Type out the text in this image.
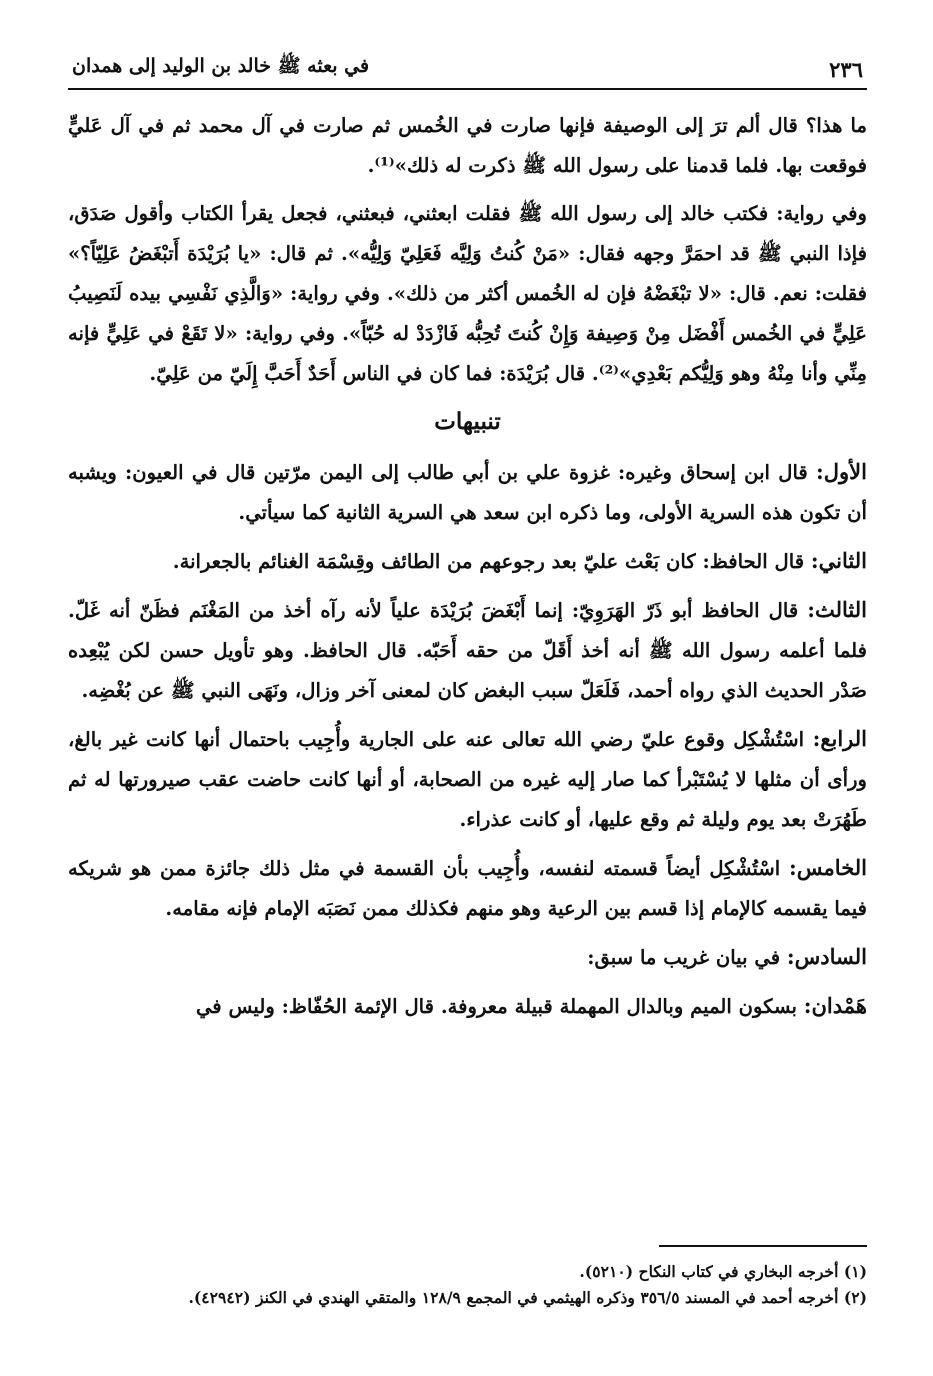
٢٣٦
في بعثه ﷺ خالد بن الوليد إلى همدان

ما هذا؟ قال ألم ترَ إلى الوصيفة فإنها صارت في الخُمس ثم صارت في آل محمد ثم في آل عَليٍّ فوقعت بها. فلما قدمنا على رسول الله ﷺ ذكرت له ذلك»⁽¹⁾.

وفي رواية: فكتب خالد إلى رسول الله ﷺ فقلت ابعثني، فبعثني، فجعل يقرأ الكتاب وأقول صَدَق، فإذا النبي ﷺ قد احمَرَّ وجهه فقال: «مَنْ كُنتُ وَلِيَّه فَعَلِيّ وَلِيُّه». ثم قال: «يا بُرَيْدَة أَتبْغَضُ عَلِيّاً؟» فقلت: نعم. قال: «لا تبْغَضْهُ فإن له الخُمس أكثر من ذلك». وفي رواية: «وَالَّذِي نَفْسِي بيده لَنَصِيبُ عَلِيٍّ في الخُمس أَفْضَل مِنْ وَصِيفة وَإِنْ كُنتَ تُحِبُّه فَازْدَدْ له حُبّاً». وفي رواية: «لا تَقَعْ في عَلِيٍّ فإنه مِنِّي وأنا مِنْهُ وهو وَلِيُّكم بَعْدِي»⁽²⁾. قال بُرَيْدَة: فما كان في الناس أَحَدٌ أَحَبَّ إِلَيّ من عَلِيّ.

تنبيهات

الأول: قال ابن إسحاق وغيره: غزوة علي بن أبي طالب إلى اليمن مرّتين قال في العيون: ويشبه أن تكون هذه السرية الأولى، وما ذكره ابن سعد هي السرية الثانية كما سيأتي.

الثاني: قال الحافظ: كان بَعْث عليّ بعد رجوعهم من الطائف وقِسْمَة الغنائم بالجعرانة.

الثالث: قال الحافظ أبو ذَرّ الهَرَوِيّ: إنما أَبْغَضَ بُرَيْدَة علياً لأنه رآه أخذ من المَغْنَم فظَنّ أنه غَلّ. فلما أعلمه رسول الله ﷺ أنه أخذ أَقَلّ من حقه أَحَبّه. قال الحافظ. وهو تأويل حسن لكن يُبْعِده صَدْر الحديث الذي رواه أحمد، فَلَعَلّ سبب البغض كان لمعنى آخر وزال، ونَهَى النبي ﷺ عن بُغْضِه.

الرابع: اسْتُشْكِل وقوع عليّ رضي الله تعالى عنه على الجارية وأُجِيب باحتمال أنها كانت غير بالغ، ورأى أن مثلها لا يُسْتَبْرأ كما صار إليه غيره من الصحابة، أو أنها كانت حاضت عقب صيرورتها له ثم طَهُرَتْ بعد يوم وليلة ثم وقع عليها، أو كانت عذراء.

الخامس: اسْتُشْكِل أيضاً قسمته لنفسه، وأُجِيب بأن القسمة في مثل ذلك جائزة ممن هو شريكه فيما يقسمه كالإمام إذا قسم بين الرعية وهو منهم فكذلك ممن نَصَبَه الإمام فإنه مقامه.

السادس: في بيان غريب ما سبق:

هَمْدان: بسكون الميم وبالدال المهملة قبيلة معروفة. قال الإئمة الحُفّاظ: وليس في

(١) أخرجه البخاري في كتاب النكاح (٥٢١٠).

(٢) أخرجه أحمد في المسند ٣٥٦/٥ وذكره الهيثمي في المجمع ١٢٨/٩ والمتقي الهندي في الكنز (٤٢٩٤٢).
